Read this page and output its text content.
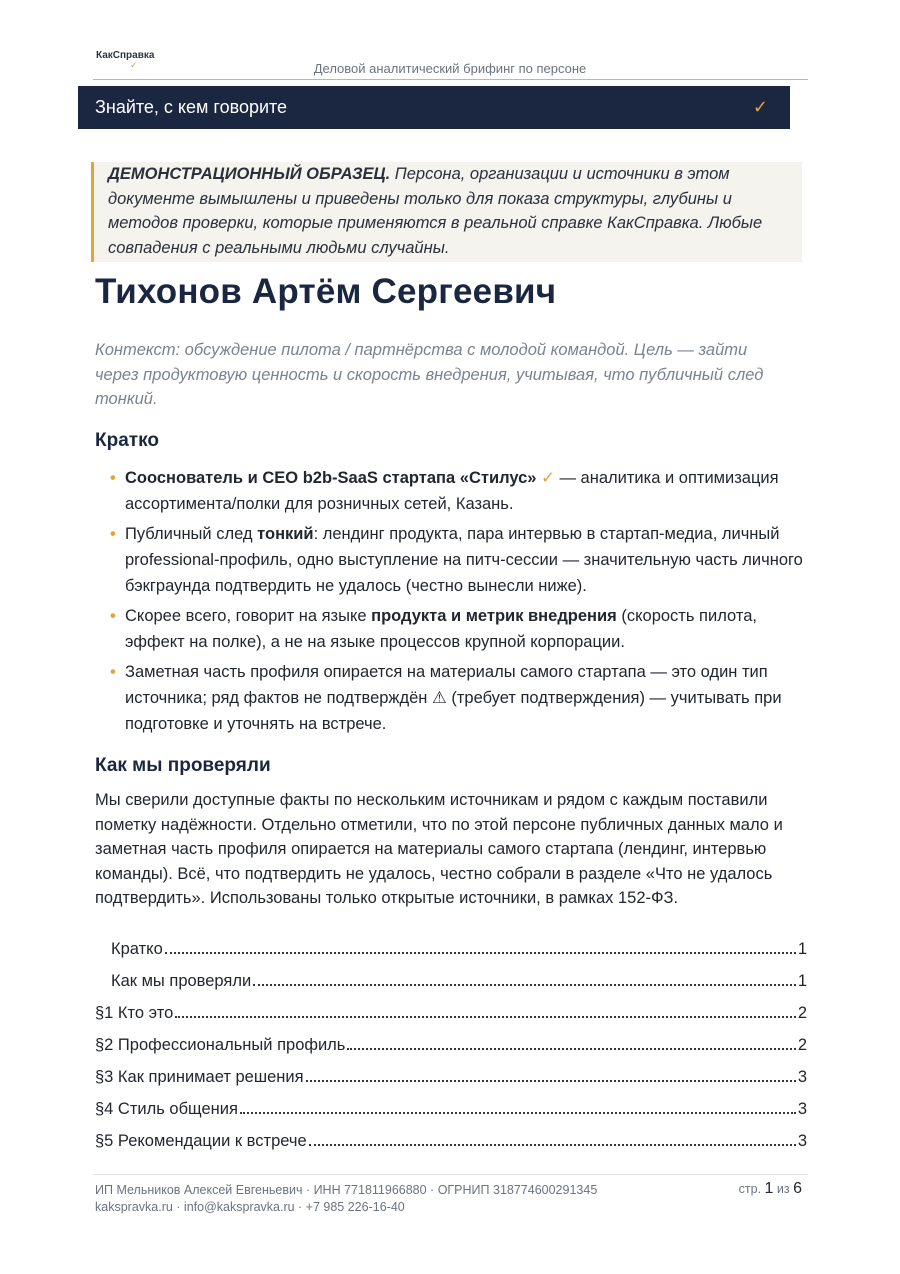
КакСправка
✓	Деловой аналитический брифинг по персоне
Знайте, с кем говорите	✓
ДЕМОНСТРАЦИОННЫЙ ОБРАЗЕЦ. Персона, организации и источники в этом документе вымышлены и приведены только для показа структуры, глубины и методов проверки, которые применяются в реальной справке КакСправка. Любые совпадения с реальными людьми случайны.
Тихонов Артём Сергеевич
Контекст: обсуждение пилота / партнёрства с молодой командой. Цель — зайти через продуктовую ценность и скорость внедрения, учитывая, что публичный след тонкий.
Кратко
• Сооснователь и CEO b2b-SaaS стартапа «Стилус» ✓ — аналитика и оптимизация ассортимента/полки для розничных сетей, Казань.
• Публичный след тонкий: лендинг продукта, пара интервью в стартап-медиа, личный professional-профиль, одно выступление на питч-сессии — значительную часть личного бэкграунда подтвердить не удалось (честно вынесли ниже).
• Скорее всего, говорит на языке продукта и метрик внедрения (скорость пилота, эффект на полке), а не на языке процессов крупной корпорации.
• Заметная часть профиля опирается на материалы самого стартапа — это один тип источника; ряд фактов не подтверждён ⚠ (требует подтверждения) — учитывать при подготовке и уточнять на встрече.
Как мы проверяли
Мы сверили доступные факты по нескольким источникам и рядом с каждым поставили пометку надёжности. Отдельно отметили, что по этой персоне публичных данных мало и заметная часть профиля опирается на материалы самого стартапа (лендинг, интервью команды). Всё, что подтвердить не удалось, честно собрали в разделе «Что не удалось подтвердить». Использованы только открытые источники, в рамках 152-ФЗ.
Кратко	1
Как мы проверяли	1
§1 Кто это	2
§2 Профессиональный профиль	2
§3 Как принимает решения	3
§4 Стиль общения	3
§5 Рекомендации к встрече	3
ИП Мельников Алексей Евгеньевич · ИНН 771811966880 · ОГРНИП 318774600291345
kakspravka.ru · info@kakspravka.ru · +7 985 226-16-40
стр. 1 из 6
